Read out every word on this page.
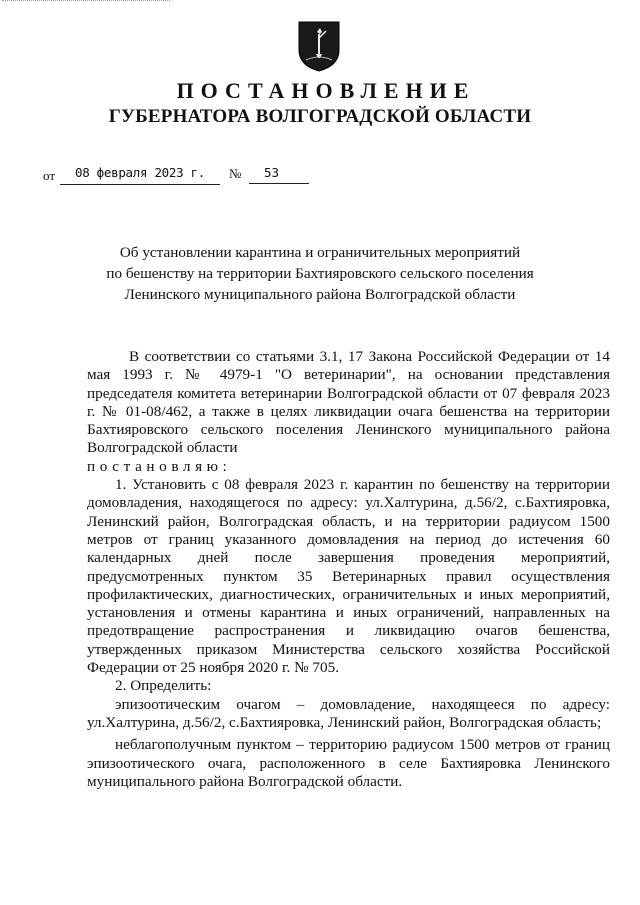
ПОСТАНОВЛЕНИЕ
ГУБЕРНАТОРА ВОЛГОГРАДСКОЙ ОБЛАСТИ
от	08 февраля 2023 г.	№	53
Об установлении карантина и ограничительных мероприятий
по бешенству на территории Бахтияровского сельского поселения
Ленинского муниципального района Волгоградской области

В соответствии со статьями 3.1, 17 Закона Российской Федерации от 14 мая 1993 г. № 4979-1 "О ветеринарии", на основании представления председателя комитета ветеринарии Волгоградской области от 07 февраля 2023 г. № 01-08/462, а также в целях ликвидации очага бешенства на территории Бахтияровского сельского поселения Ленинского муниципального района Волгоградской области

постановляю:

1. Установить с 08 февраля 2023 г. карантин по бешенству на территории домовладения, находящегося по адресу: ул.Халтурина, д.56/2, с.Бахтияровка, Ленинский район, Волгоградская область, и на территории радиусом 1500 метров от границ указанного домовладения на период до истечения 60 календарных дней после завершения проведения мероприятий, предусмотренных пунктом 35 Ветеринарных правил осуществления профилактических, диагностических, ограничительных и иных мероприятий, установления и отмены карантина и иных ограничений, направленных на предотвращение распространения и ликвидацию очагов бешенства, утвержденных приказом Министерства сельского хозяйства Российской Федерации от 25 ноября 2020 г. № 705.

2. Определить:

эпизоотическим очагом – домовладение, находящееся по адресу: ул.Халтурина, д.56/2, с.Бахтияровка, Ленинский район, Волгоградская область;

неблагополучным пунктом – территорию радиусом 1500 метров от границ эпизоотического очага, расположенного в селе Бахтияровка Ленинского муниципального района Волгоградской области.
